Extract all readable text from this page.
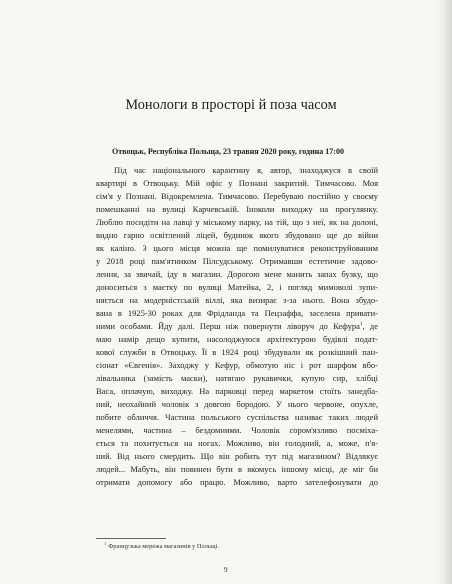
Монологи в просторі й поза часом
Отвоцьк, Республіка Польща, 23 травня 2020 року, година 17:00
Під час національного карантину я, автор, знаходжуся в своїй
квартирі в Отвоцьку. Мій офіс у Познані закритий. Тимчасово. Моя
сім'я у Познані. Відокремлена. Тимчасово. Перебуваю постійно у своєму
помешканні на вулиці Карчевській. Іноколи виходжу на прогулянку.
Люблю посидіти на лавці у міському парку, на тій, що з неї, як на долоні,
видно гарно освітлений ліцей, будинок якого збудовано ще до війни
як каліно. З цього місця можна ще помилуватися реконструйованим
у 2018 році пам'ятником Пілсудському. Отримавши естетичне задово-
лення, за звичай, іду в магазин. Дорогою мене манить запах бузку, що
доноситься з маєтку по вулиці Матейка, 2, і погляд мимоволі зупи-
няється на модерністській віллі, яка визирає з-за нього. Вона збудо-
вана в 1925-30 роках для Фрідланда та Пецзаффа, заселена привати-
ними особами. Йду далі. Перш ніж повернути ліворуч до Кефура$^1$, де
маю намір дещо купити, насолоджуюся архітектурою будівлі подат-
кової служби в Отвоцьку. Її в 1924 році збудували як розкішний пан-
сіонат «Євгенія». Заходжу у Кефур, обмотую ніс і рот шарфом вбо-
лівальника (замість маски), натягаю рукавички, купую сир, хлібці
Васа, оплачую, виходжу. На парковці перед маркетом стоїть занедба-
ний, неохайний чоловік з довгою бородою. У нього червоне, опухле,
побите обличчя. Частина польського суспільства називає таких людей
менелями, частина – бездомними. Чоловік сором'язливо посміха-
ється та похитується на ногах. Можливо, він голодний, а, може, п'я-
ний. Від нього смердить. Що він робить тут під магазином? Відлякує
людей... Мабуть, він повинен бути в якомусь іншому місці, де міг би
отримати допомогу або працю. Можливо, варто зателефонувати до
$^1$ Французька мережа магазинів у Польщі.
9
